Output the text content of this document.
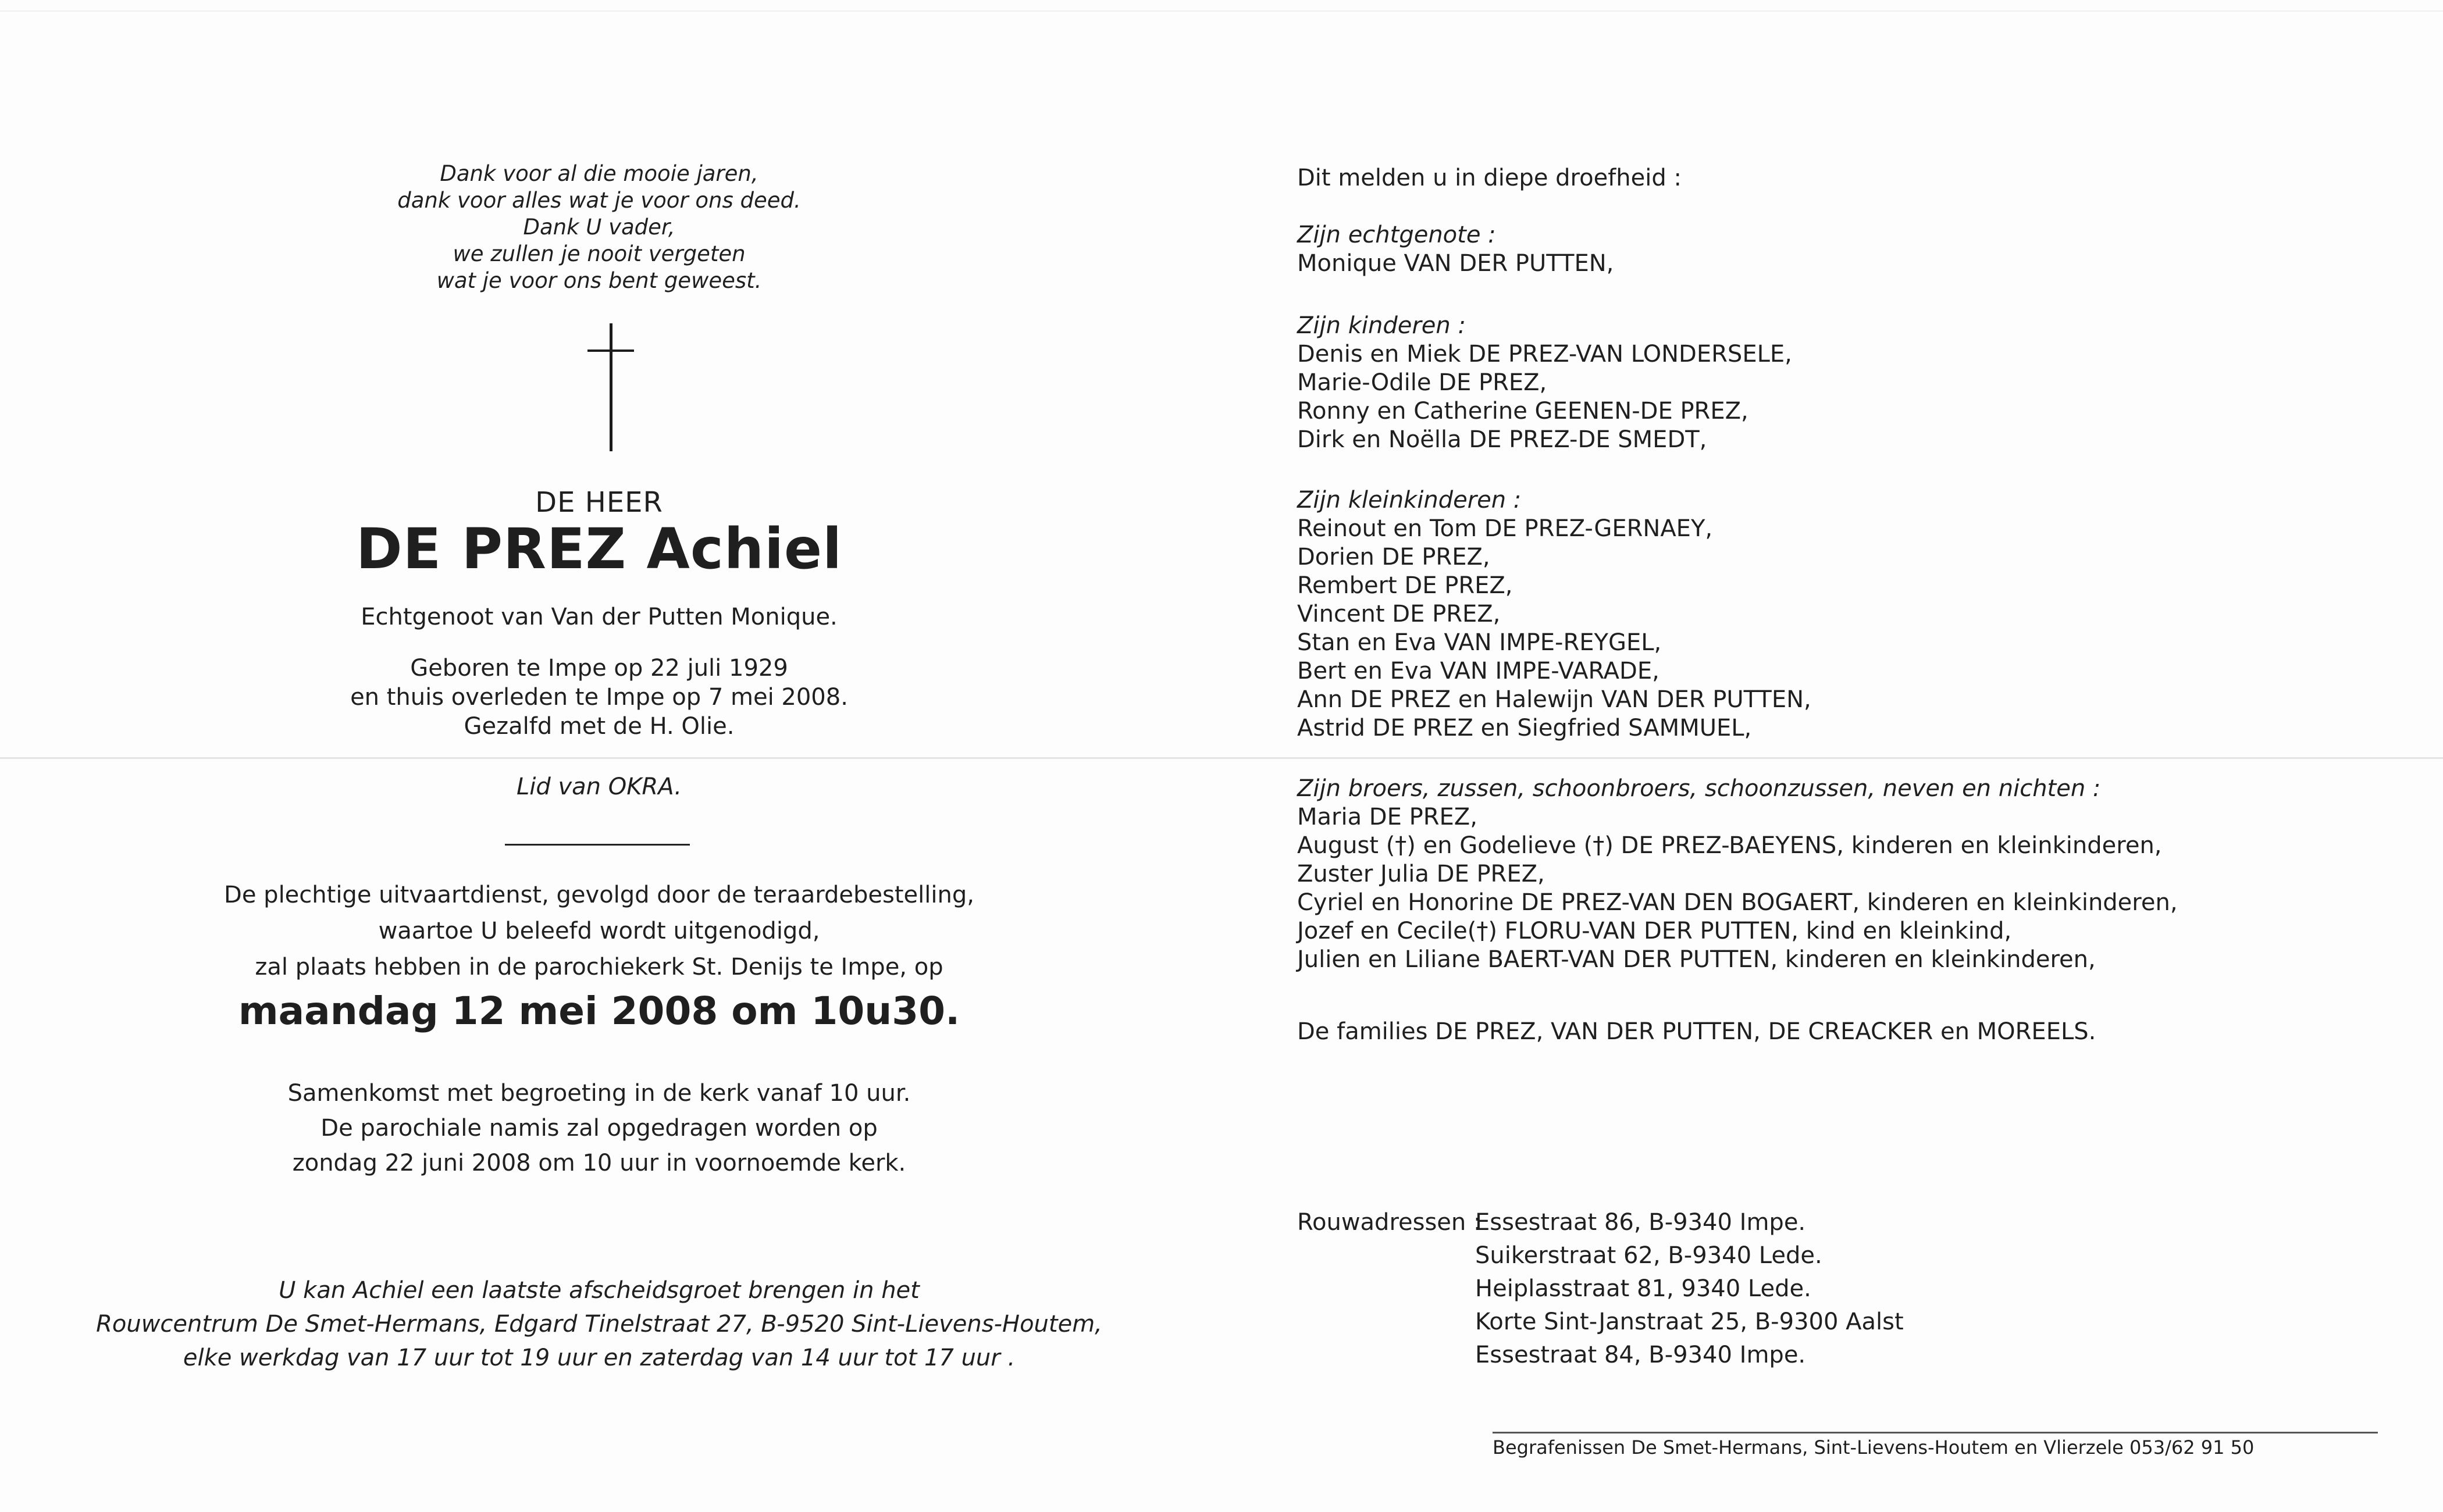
Dank voor al die mooie jaren,
dank voor alles wat je voor ons deed.
Dank U vader,
we zullen je nooit vergeten
wat je voor ons bent geweest.
DE HEER
DE PREZ Achiel
Echtgenoot van Van der Putten Monique.
Geboren te Impe op 22 juli 1929
en thuis overleden te Impe op 7 mei 2008.
Gezalfd met de H. Olie.
Lid van OKRA.
De plechtige uitvaartdienst, gevolgd door de teraardebestelling,
waartoe U beleefd wordt uitgenodigd,
zal plaats hebben in de parochiekerk St. Denijs te Impe, op
maandag 12 mei 2008 om 10u30.
Samenkomst met begroeting in de kerk vanaf 10 uur.
De parochiale namis zal opgedragen worden op
zondag 22 juni 2008 om 10 uur in voornoemde kerk.
U kan Achiel een laatste afscheidsgroet brengen in het
Rouwcentrum De Smet-Hermans, Edgard Tinelstraat 27, B-9520 Sint-Lievens-Houtem,
elke werkdag van 17 uur tot 19 uur en zaterdag van 14 uur tot 17 uur .
Dit melden u in diepe droefheid :
Zijn echtgenote :
Monique VAN DER PUTTEN,
Zijn kinderen :
Denis en Miek DE PREZ-VAN LONDERSELE,
Marie-Odile DE PREZ,
Ronny en Catherine GEENEN-DE PREZ,
Dirk en Noëlla DE PREZ-DE SMEDT,
Zijn kleinkinderen :
Reinout en Tom DE PREZ-GERNAEY,
Dorien DE PREZ,
Rembert DE PREZ,
Vincent DE PREZ,
Stan en Eva VAN IMPE-REYGEL,
Bert en Eva VAN IMPE-VARADE,
Ann DE PREZ en Halewijn VAN DER PUTTEN,
Astrid DE PREZ en Siegfried SAMMUEL,
Zijn broers, zussen, schoonbroers, schoonzussen, neven en nichten :
Maria DE PREZ,
August (†) en Godelieve (†) DE PREZ-BAEYENS, kinderen en kleinkinderen,
Zuster Julia DE PREZ,
Cyriel en Honorine DE PREZ-VAN DEN BOGAERT, kinderen en kleinkinderen,
Jozef en Cecile(†) FLORU-VAN DER PUTTEN, kind en kleinkind,
Julien en Liliane BAERT-VAN DER PUTTEN, kinderen en kleinkinderen,
De families DE PREZ, VAN DER PUTTEN, DE CREACKER en MOREELS.
Rouwadressen :
Essestraat 86, B-9340 Impe.
Suikerstraat 62, B-9340 Lede.
Heiplasstraat 81, 9340 Lede.
Korte Sint-Janstraat 25, B-9300 Aalst
Essestraat 84, B-9340 Impe.
Begrafenissen De Smet-Hermans, Sint-Lievens-Houtem en Vlierzele 053/62 91 50
